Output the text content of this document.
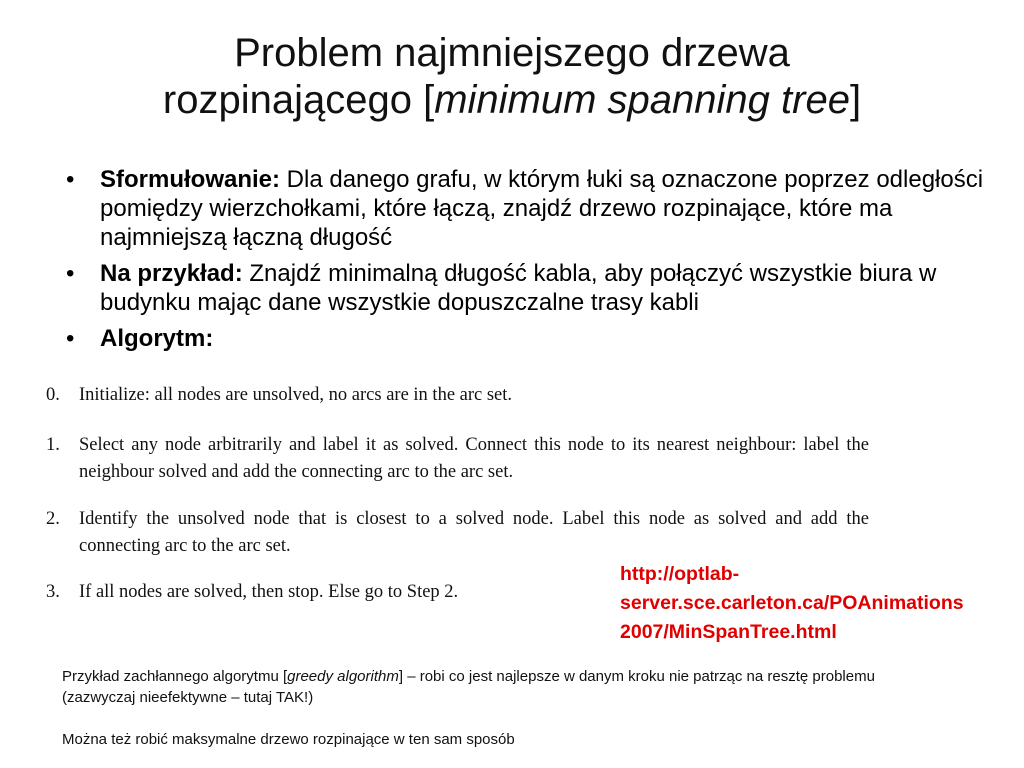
Problem najmniejszego drzewa
rozpinającego [minimum spanning tree]
• Sformułowanie: Dla danego grafu, w którym łuki są oznaczone poprzez odległości pomiędzy wierzchołkami, które łączą, znajdź drzewo rozpinające, które ma najmniejszą łączną długość
• Na przykład: Znajdź minimalną długość kabla, aby połączyć wszystkie biura w budynku mając dane wszystkie dopuszczalne trasy kabli
• Algorytm:
0. Initialize: all nodes are unsolved, no arcs are in the arc set.
1. Select any node arbitrarily and label it as solved. Connect this node to its nearest neighbour: label the neighbour solved and add the connecting arc to the arc set.
2. Identify the unsolved node that is closest to a solved node. Label this node as solved and add the connecting arc to the arc set.
3. If all nodes are solved, then stop. Else go to Step 2.
http://optlab-
server.sce.carleton.ca/POAnimations
2007/MinSpanTree.html

Przykład zachłannego algorytmu [greedy algorithm] – robi co jest najlepsze w danym kroku nie patrząc na resztę problemu (zazwyczaj nieefektywne – tutaj TAK!)

Można też robić maksymalne drzewo rozpinające w ten sam sposób
